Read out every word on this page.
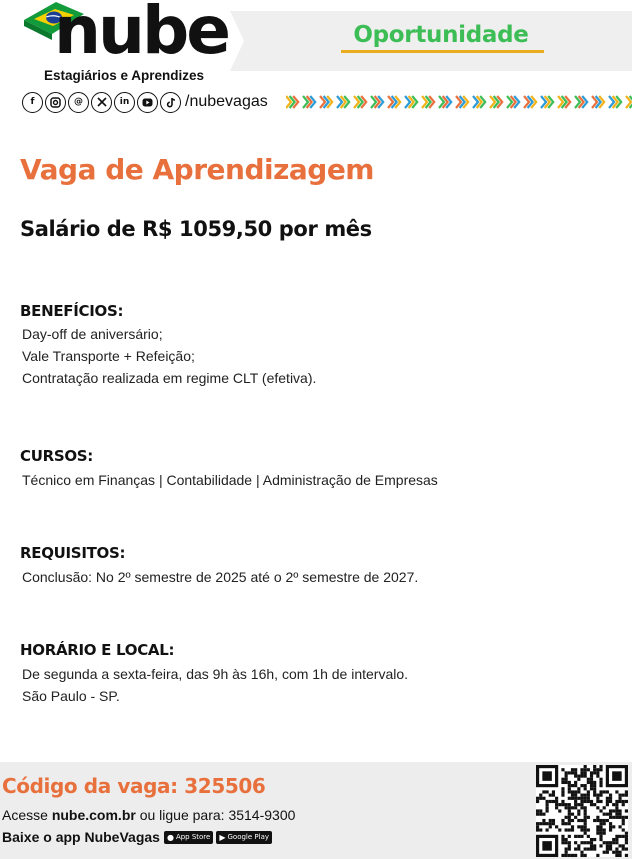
nube
Estagiários e Aprendizes
Oportunidade
f	@	in	/nubevagas
Vaga de Aprendizagem
Salário de R$ 1059,50 por mês
BENEFÍCIOS:
Day-off de aniversário;
Vale Transporte + Refeição;
Contratação realizada em regime CLT (efetiva).
CURSOS:
Técnico em Finanças | Contabilidade | Administração de Empresas
REQUISITOS:
Conclusão: No 2º semestre de 2025 até o 2º semestre de 2027.
HORÁRIO E LOCAL:
De segunda a sexta-feira, das 9h às 16h, com 1h de intervalo.
São Paulo - SP.
Código da vaga: 325506
Acesse nube.com.br ou ligue para: 3514-9300
Baixe o app NubeVagas ● App Store ▶ Google Play
